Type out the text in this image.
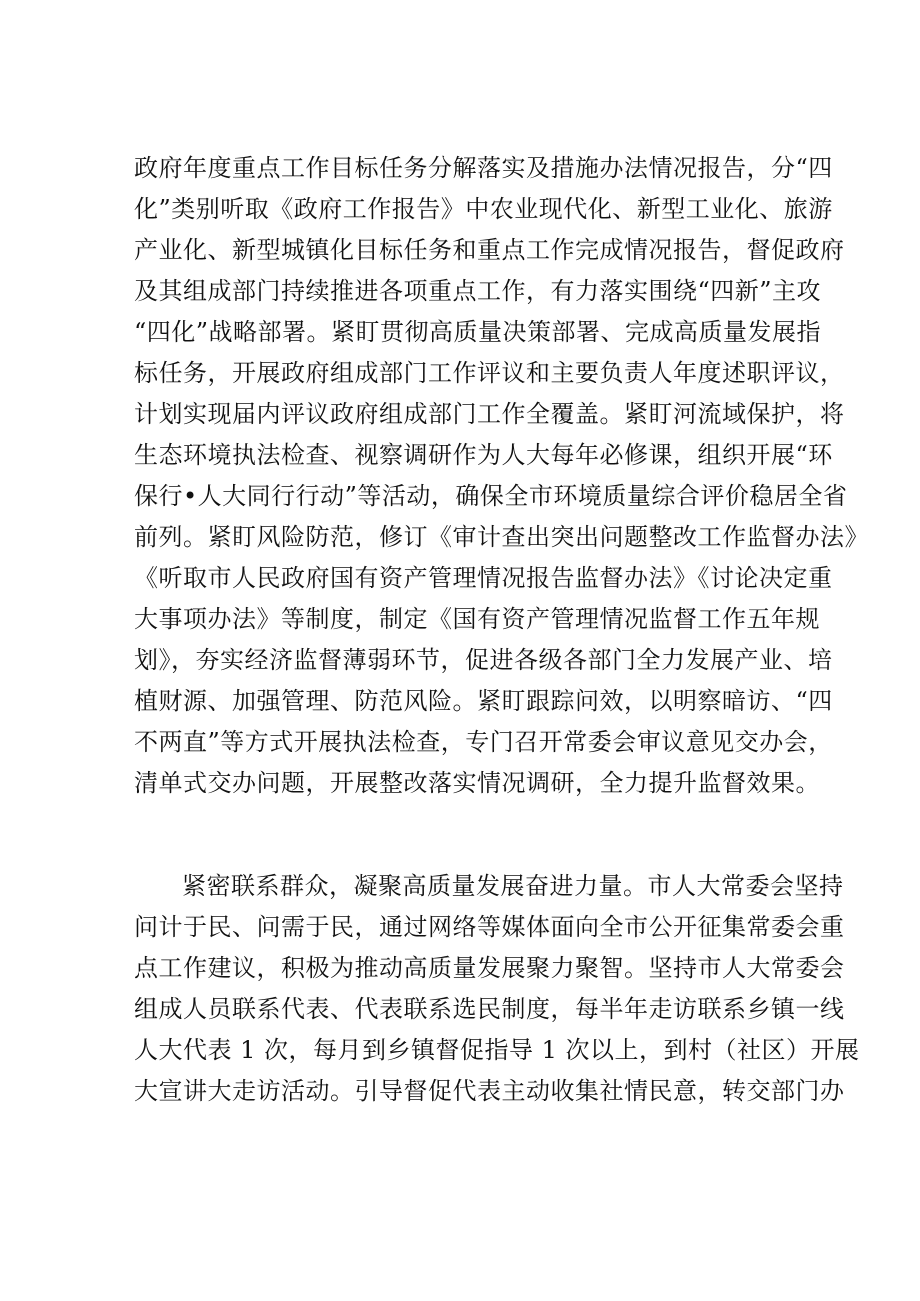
政府年度重点工作目标任务分解落实及措施办法情况报告，分“四
化”类别听取《政府工作报告》中农业现代化、新型工业化、旅游
产业化、新型城镇化目标任务和重点工作完成情况报告，督促政府
及其组成部门持续推进各项重点工作，有力落实围绕“四新”主攻
“四化”战略部署。紧盯贯彻高质量决策部署、完成高质量发展指
标任务，开展政府组成部门工作评议和主要负责人年度述职评议，
计划实现届内评议政府组成部门工作全覆盖。紧盯河流域保护，将
生态环境执法检查、视察调研作为人大每年必修课，组织开展“环
保行•人大同行行动”等活动，确保全市环境质量综合评价稳居全省
前列。紧盯风险防范，修订《审计查出突出问题整改工作监督办法》
《听取市人民政府国有资产管理情况报告监督办法》《讨论决定重
大事项办法》等制度，制定《国有资产管理情况监督工作五年规
划》，夯实经济监督薄弱环节，促进各级各部门全力发展产业、培
植财源、加强管理、防范风险。紧盯跟踪问效，以明察暗访、“四
不两直”等方式开展执法检查，专门召开常委会审议意见交办会，
清单式交办问题，开展整改落实情况调研，全力提升监督效果。
紧密联系群众，凝聚高质量发展奋进力量。市人大常委会坚持
问计于民、问需于民，通过网络等媒体面向全市公开征集常委会重
点工作建议，积极为推动高质量发展聚力聚智。坚持市人大常委会
组成人员联系代表、代表联系选民制度，每半年走访联系乡镇一线
人大代表 1 次，每月到乡镇督促指导 1 次以上，到村（社区）开展
大宣讲大走访活动。引导督促代表主动收集社情民意，转交部门办
